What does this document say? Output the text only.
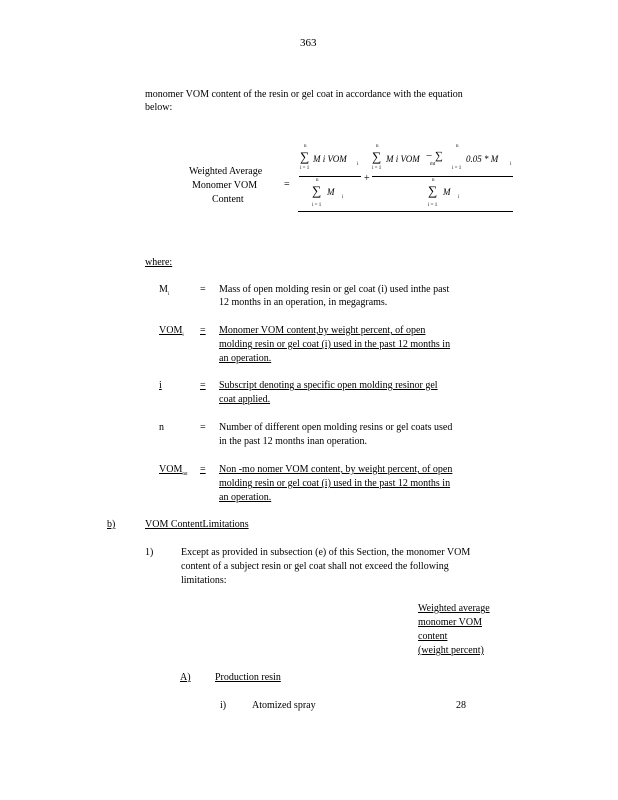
363
monomer VOM content of the resin or gel coat in accordance with the equation
below:
Weighted Average
Monomer VOM
Content
=
n
∑
i = 1
M i VOM
i
+
n
∑
i = 1
M i VOM
mt
− ∑
n
i = 1
0.05 * M
i
n
∑
i = 1
M
i
n
∑
i = 1
M
i
where:
$M_i$	= Mass of open molding resin or gel coat (i) used inthe past
12 months in an operation, in megagrams.
$VOM_i$ = Monomer VOM content,by weight percent, of open
molding resin or gel coat (i) used in the past 12 months in
an operation.
i	= Subscript denoting a specific open molding resinor gel
coat applied.
n	= Number of different open molding resins or gel coats used
in the past 12 months inan operation.
$VOM_{mt}$ = Non -mo nomer VOM content, by weight percent, of open
molding resin or gel coat (i) used in the past 12 months in
an operation.
b)	VOM ContentLimitations
1)	Except as provided in subsection (e) of this Section, the monomer VOM
content of a subject resin or gel coat shall not exceed the following
limitations:
Weighted average
monomer VOM
content
(weight percent)
A) Production resin
i)	Atomized spray	28
